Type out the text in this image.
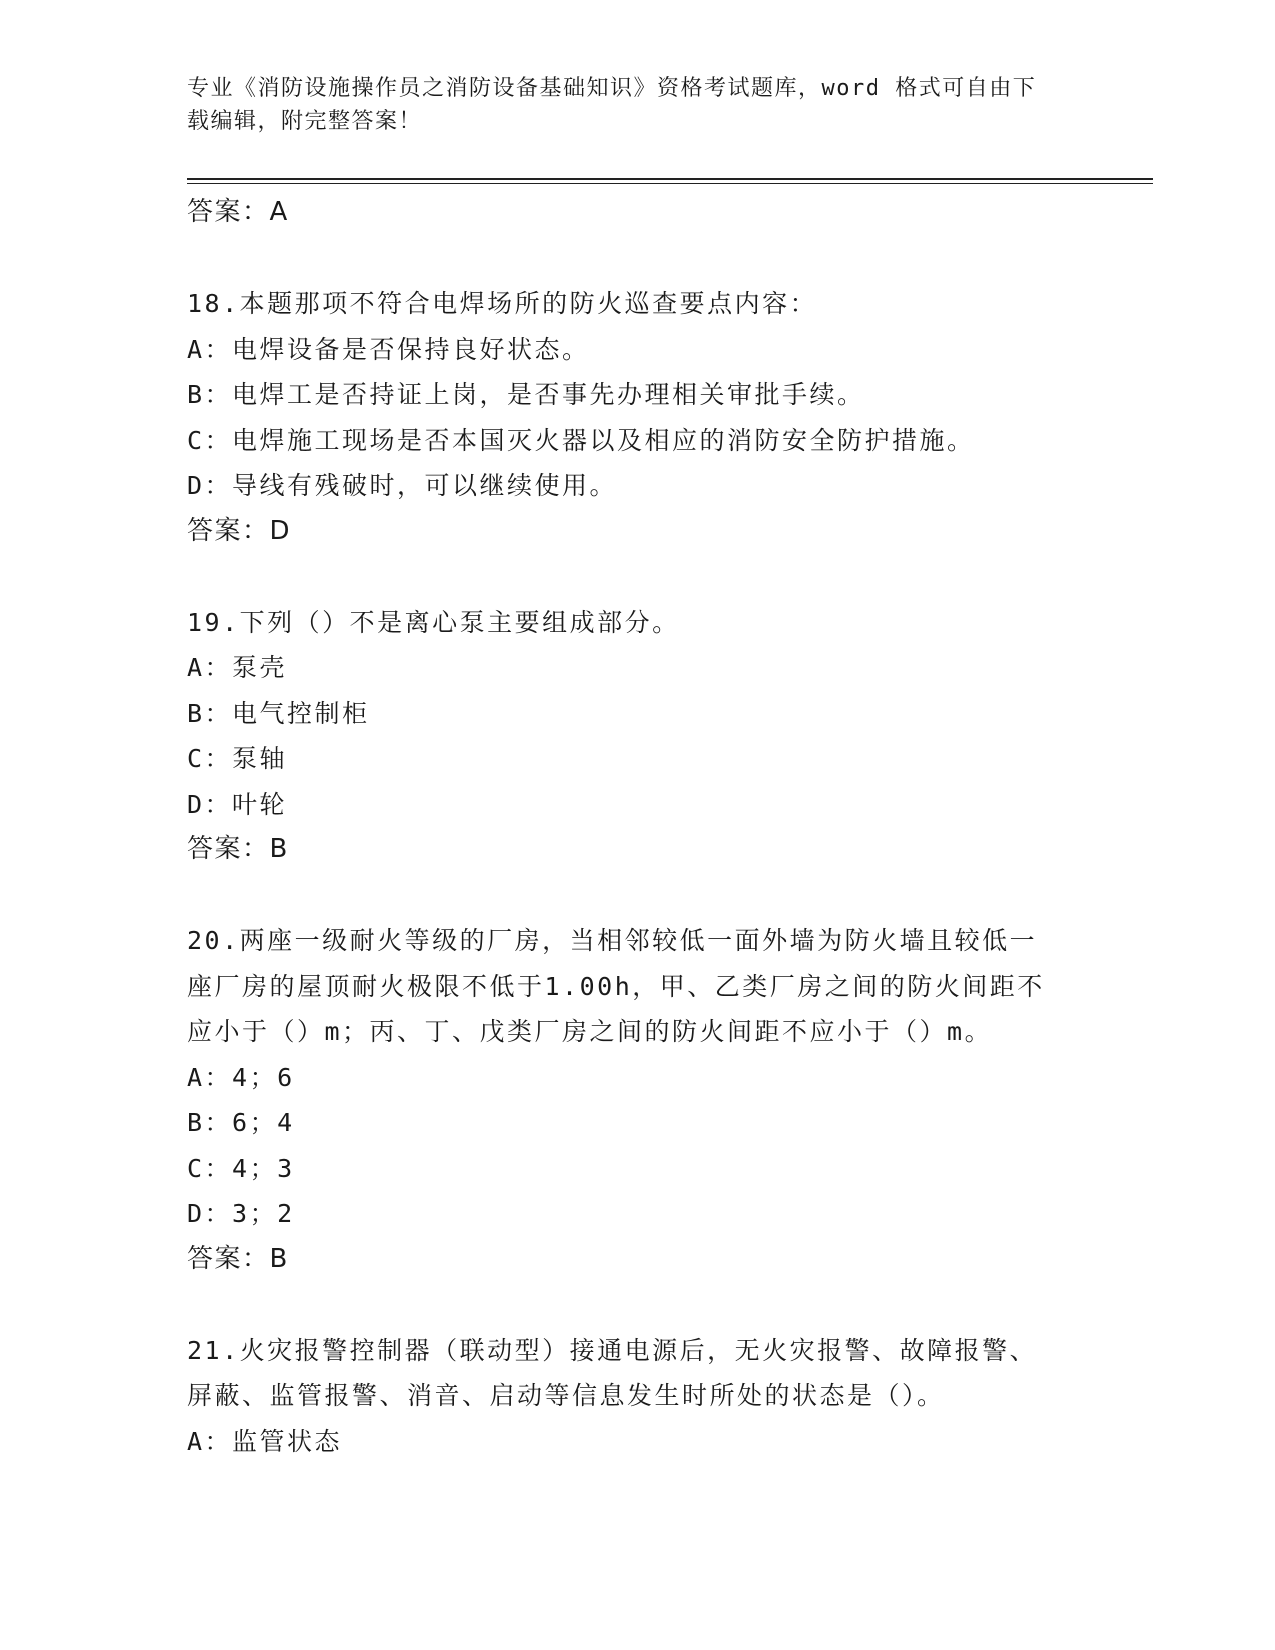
专业《消防设施操作员之消防设备基础知识》资格考试题库，word 格式可自由下
载编辑，附完整答案！
答案：A
18.本题那项不符合电焊场所的防火巡查要点内容：
A：电焊设备是否保持良好状态。
B：电焊工是否持证上岗，是否事先办理相关审批手续。
C：电焊施工现场是否本国灭火器以及相应的消防安全防护措施。
D：导线有残破时，可以继续使用。
答案：D
19.下列（）不是离心泵主要组成部分。
A：泵壳
B：电气控制柜
C：泵轴
D：叶轮
答案：B
20.两座一级耐火等级的厂房，当相邻较低一面外墙为防火墙且较低一
座厂房的屋顶耐火极限不低于1.00h，甲、乙类厂房之间的防火间距不
应小于（）m；丙、丁、戊类厂房之间的防火间距不应小于（）m。
A：4；6
B：6；4
C：4；3
D：3；2
答案：B
21.火灾报警控制器（联动型）接通电源后，无火灾报警、故障报警、
屏蔽、监管报警、消音、启动等信息发生时所处的状态是（）。
A：监管状态
